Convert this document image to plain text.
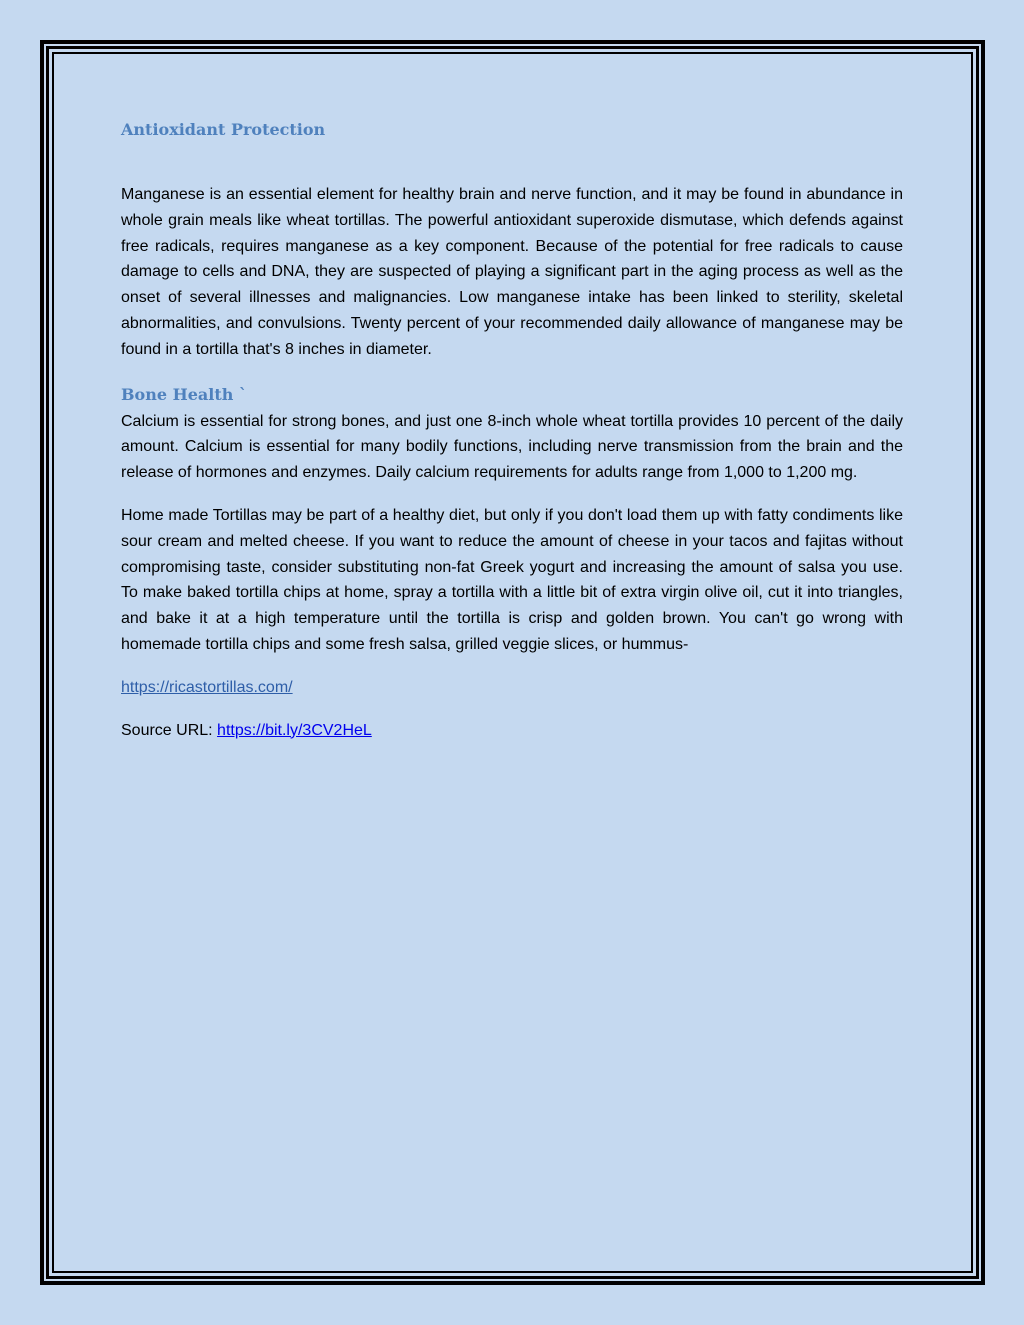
Antioxidant Protection

Manganese is an essential element for healthy brain and nerve function, and it may be found in abundance in whole grain meals like wheat tortillas. The powerful antioxidant superoxide dismutase, which defends against free radicals, requires manganese as a key component. Because of the potential for free radicals to cause damage to cells and DNA, they are suspected of playing a significant part in the aging process as well as the onset of several illnesses and malignancies. Low manganese intake has been linked to sterility, skeletal abnormalities, and convulsions. Twenty percent of your recommended daily allowance of manganese may be found in a tortilla that's 8 inches in diameter.

Bone Health `

Calcium is essential for strong bones, and just one 8-inch whole wheat tortilla provides 10 percent of the daily amount. Calcium is essential for many bodily functions, including nerve transmission from the brain and the release of hormones and enzymes. Daily calcium requirements for adults range from 1,000 to 1,200 mg.

Home made Tortillas may be part of a healthy diet, but only if you don't load them up with fatty condiments like sour cream and melted cheese. If you want to reduce the amount of cheese in your tacos and fajitas without compromising taste, consider substituting non-fat Greek yogurt and increasing the amount of salsa you use. To make baked tortilla chips at home, spray a tortilla with a little bit of extra virgin olive oil, cut it into triangles, and bake it at a high temperature until the tortilla is crisp and golden brown. You can't go wrong with homemade tortilla chips and some fresh salsa, grilled veggie slices, or hummus-

https://ricastortillas.com/

Source URL: https://bit.ly/3CV2HeL
